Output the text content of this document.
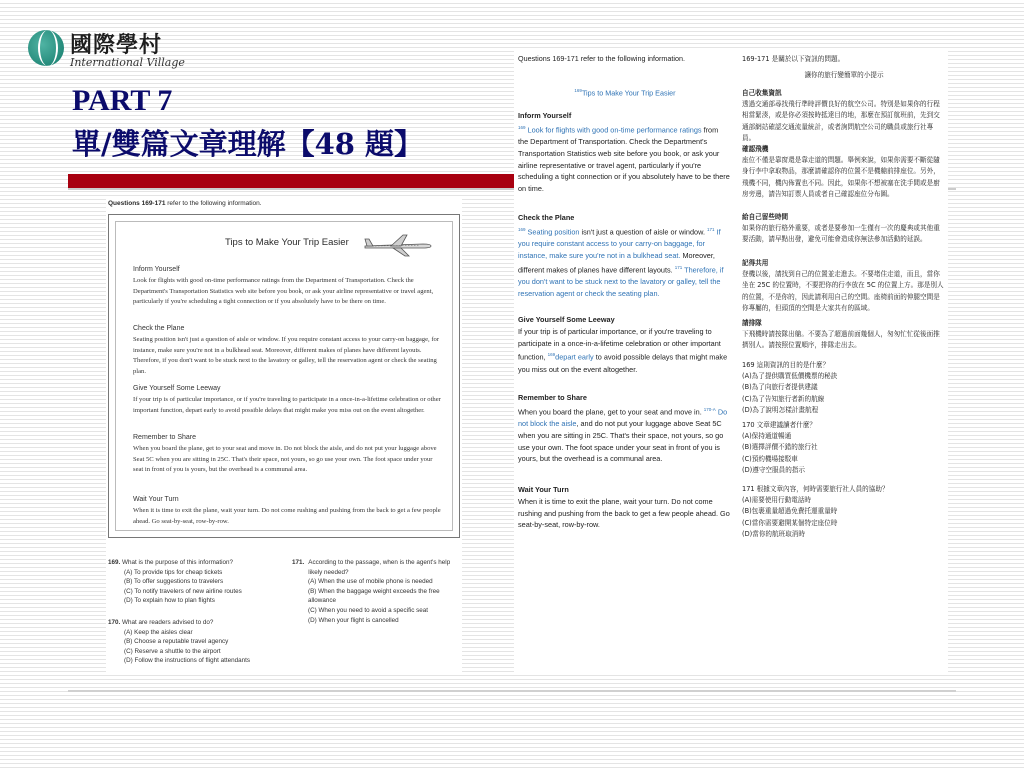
國際學村
International Village
PART 7
單/雙篇文章理解【48 題】
Questions 169-171 refer to the following information.
Tips to Make Your Trip Easier
Inform Yourself
Look for flights with good on-time performance ratings from the Department of Transportation. Check the Department's Transportation Statistics web site before you book, or ask your airline representative or travel agent, particularly if you're scheduling a tight connection or if you absolutely have to be there on time.
Check the Plane
Seating position isn't just a question of aisle or window. If you require constant access to your carry-on baggage, for instance, make sure you're not in a bulkhead seat. Moreover, different makes of planes have different layouts. Therefore, if you don't want to be stuck next to the lavatory or galley, tell the reservation agent or check the seating plan.
Give Yourself Some Leeway
If your trip is of particular importance, or if you're traveling to participate in a once-in-a-lifetime celebration or other important function, depart early to avoid possible delays that might make you miss out on the event altogether.
Remember to Share
When you board the plane, get to your seat and move in. Do not block the aisle, and do not put your luggage above Seat 5C when you are sitting in 25C. That's their space, not yours, so go use your own. The foot space under your seat in front of you is yours, but the overhead is a communal area.
Wait Your Turn
When it is time to exit the plane, wait your turn. Do not come rushing and pushing from the back to get a few people ahead. Go seat-by-seat, row-by-row.
169. What is the purpose of this information?
(A) To provide tips for cheap tickets
(B) To offer suggestions to travelers
(C) To notify travelers of new airline routes
(D) To explain how to plan flights
170. What are readers advised to do?
(A) Keep the aisles clear
(B) Choose a reputable travel agency
(C) Reserve a shuttle to the airport
(D) Follow the instructions of flight attendants
171. According to the passage, when is the agent's help likely needed?
(A) When the use of mobile phone is needed
(B) When the baggage weight exceeds the free allowance
(C) When you need to avoid a specific seat
(D) When your flight is cancelled
Questions 169-171 refer to the following information.
$^{169}$Tips to Make Your Trip Easier
Inform Yourself
$^{169}$ Look for flights with good on-time performance ratings from the Department of Transportation. Check the Department's Transportation Statistics web site before you book, or ask your airline representative or travel agent, particularly if you're scheduling a tight connection or if you absolutely have to be there on time.
Check the Plane
$^{169}$ Seating position isn't just a question of aisle or window. $^{171}$ If you require constant access to your carry-on baggage, for instance, make sure you're not in a bulkhead seat. Moreover, different makes of planes have different layouts. $^{171}$ Therefore, if you don't want to be stuck next to the lavatory or galley, tell the reservation agent or check the seating plan.
Give Yourself Some Leeway
If your trip is of particular importance, or if you're traveling to participate in a once-in-a-lifetime celebration or other important function, $^{169}$depart early to avoid possible delays that might make you miss out on the event altogether.
Remember to Share
When you board the plane, get to your seat and move in. $^{170-A}$ Do not block the aisle, and do not put your luggage above Seat 5C when you are sitting in 25C. That's their space, not yours, so go use your own. The foot space under your seat in front of you is yours, but the overhead is a communal area.
Wait Your Turn
When it is time to exit the plane, wait your turn. Do not come rushing and pushing from the back to get a few people ahead. Go seat-by-seat, row-by-row.
169-171 是關於以下資訊的問題。
讓你的旅行變簡單的小提示
自己收集資訊
透過交通部尋找飛行準時評價良好的航空公司。特別是如果你的行程相當緊湊，或是你必須按時抵達目的地，那麼在預訂航班前，先到交通部網站確認交通流量統計，或者詢問航空公司的職員或旅行社專員。
確認飛機
座位不僅是靠窗還是靠走道的問題。舉例來說，如果你需要不斷從隨身行李中拿取物品，那麼請確認你的位置不是機艙前排座位。另外，飛機不同，機內佈置也不同。因此，如果你不想被塞在洗手間或是廚房旁邊，請告知訂票人員或者自己確認座位分布圖。
給自己留些時間
如果你的旅行格外重要，或者是要參加一生僅有一次的慶典或其他重要活動，請早點出發，避免可能會造成你無法參加活動的延誤。
記得共用
登機以後，請找到自己的位置並走進去。不要堵住走道，而且，當你坐在 25C 的位置時，不要把你的行李放在 5C 的位置上方。那是別人的位置，不是你的，因此請利用自己的空間。座椅前面的伸腿空間是你專屬的，但頭頂的空間是大家共有的區域。
請排隊
下飛機時請按隊出艙。不要為了超過前面幾個人，匆匆忙忙從後面推擠別人。請按照位置順序，排隊走出去。
169 這則資訊的目的是什麼？
(A)為了提供購買低價機票的秘訣
(B)為了向旅行者提供建議
(C)為了告知旅行者新的航線
(D)為了說明怎樣計畫航程
170 文章建議讀者什麼？
(A)保持通道暢通
(B)選擇評價不錯的旅行社
(C)預約機場接駁車
(D)遵守空服員的指示
171 根據文章內容，何時需要旅行社人員的協助？
(A)需要使用行動電話時
(B)包裹重量超過免費托運重量時
(C)當你需要避開某個特定座位時
(D)當你的航班取消時
